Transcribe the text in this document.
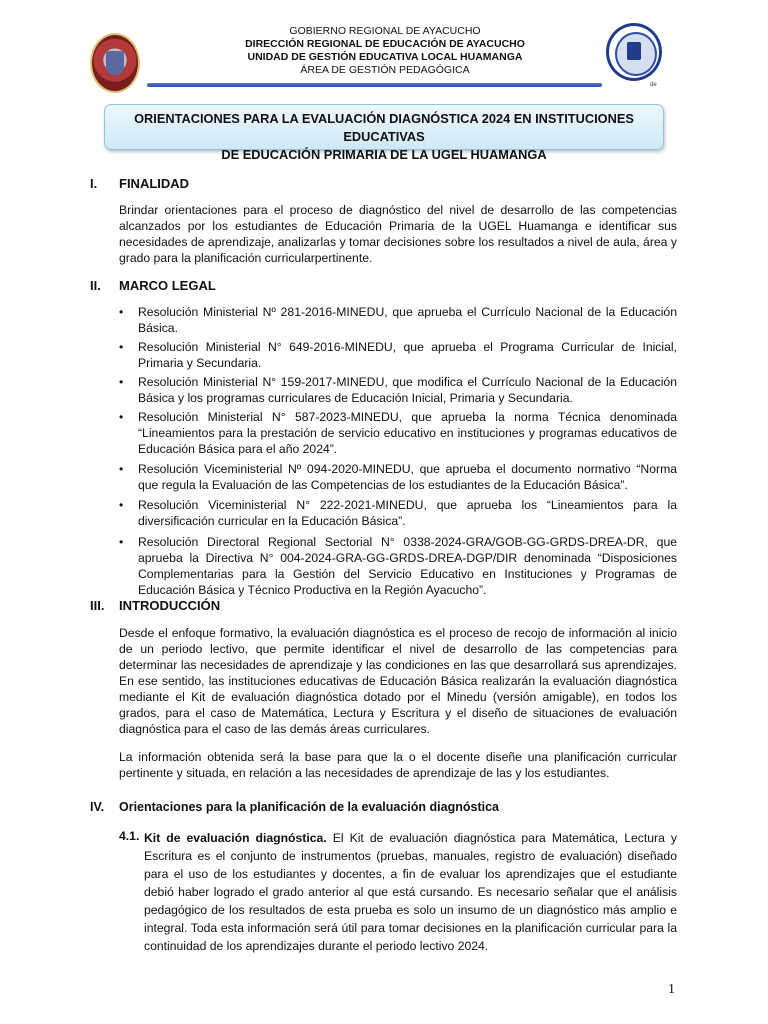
GOBIERNO REGIONAL DE AYACUCHO
DIRECCIÓN REGIONAL DE EDUCACIÓN DE AYACUCHO
UNIDAD DE GESTIÓN EDUCATIVA LOCAL HUAMANGA
ÁREA DE GESTIÓN PEDAGÓGICA
de
ORIENTACIONES PARA LA EVALUACIÓN DIAGNÓSTICA 2024 EN INSTITUCIONES EDUCATIVAS
DE EDUCACIÓN PRIMARIA DE LA UGEL HUAMANGA
I. FINALIDAD

Brindar orientaciones para el proceso de diagnóstico del nivel de desarrollo de las competencias alcanzados por los estudiantes de Educación Primaria de la UGEL Huamanga e identificar sus necesidades de aprendizaje, analizarlas y tomar decisiones sobre los resultados a nivel de aula, área y grado para la planificación curricularpertinente.

II. MARCO LEGAL
• Resolución Ministerial Nº 281-2016-MINEDU, que aprueba el Currículo Nacional de la Educación Básica.
• Resolución Ministerial N° 649-2016-MINEDU, que aprueba el Programa Curricular de Inicial, Primaria y Secundaria.
• Resolución Ministerial N° 159-2017-MINEDU, que modifica el Currículo Nacional de la Educación Básica y los programas curriculares de Educación Inicial, Primaria y Secundaria.
• Resolución Ministerial N° 587-2023-MINEDU, que aprueba la norma Técnica denominada “Lineamientos para la prestación de servicio educativo en instituciones y programas educativos de Educación Básica para el año 2024”.
• Resolución Viceministerial Nº 094-2020-MINEDU, que aprueba el documento normativo “Norma que regula la Evaluación de las Competencias de los estudiantes de la Educación Básica”.
• Resolución Viceministerial N° 222-2021-MINEDU, que aprueba los “Lineamientos para la diversificación curricular en la Educación Básica”.
• Resolución Directoral Regional Sectorial N° 0338-2024-GRA/GOB-GG-GRDS-DREA-DR, que aprueba la Directiva N° 004-2024-GRA-GG-GRDS-DREA-DGP/DIR denominada “Disposiciones Complementarias para la Gestión del Servicio Educativo en Instituciones y Programas de Educación Básica y Técnico Productiva en la Región Ayacucho”.
III. INTRODUCCIÓN

Desde el enfoque formativo, la evaluación diagnóstica es el proceso de recojo de información al inicio de un periodo lectivo, que permite identificar el nivel de desarrollo de las competencias para determinar las necesidades de aprendizaje y las condiciones en las que desarrollará sus aprendizajes. En ese sentido, las instituciones educativas de Educación Básica realizarán la evaluación diagnóstica mediante el Kit de evaluación diagnóstica dotado por el Minedu (versión amigable), en todos los grados, para el caso de Matemática, Lectura y Escritura y el diseño de situaciones de evaluación diagnóstica para el caso de las demás áreas curriculares.

La información obtenida será la base para que la o el docente diseñe una planificación curricular pertinente y situada, en relación a las necesidades de aprendizaje de las y los estudiantes.

IV. Orientaciones para la planificación de la evaluación diagnóstica
4.1. Kit de evaluación diagnóstica. El Kit de evaluación diagnóstica para Matemática, Lectura y Escritura es el conjunto de instrumentos (pruebas, manuales, registro de evaluación) diseñado para el uso de los estudiantes y docentes, a fin de evaluar los aprendizajes que el estudiante debió haber logrado el grado anterior al que está cursando. Es necesario señalar que el análisis pedagógico de los resultados de esta prueba es solo un insumo de un diagnóstico más amplio e integral. Toda esta información será útil para tomar decisiones en la planificación curricular para la continuidad de los aprendizajes durante el periodo lectivo 2024.

1
